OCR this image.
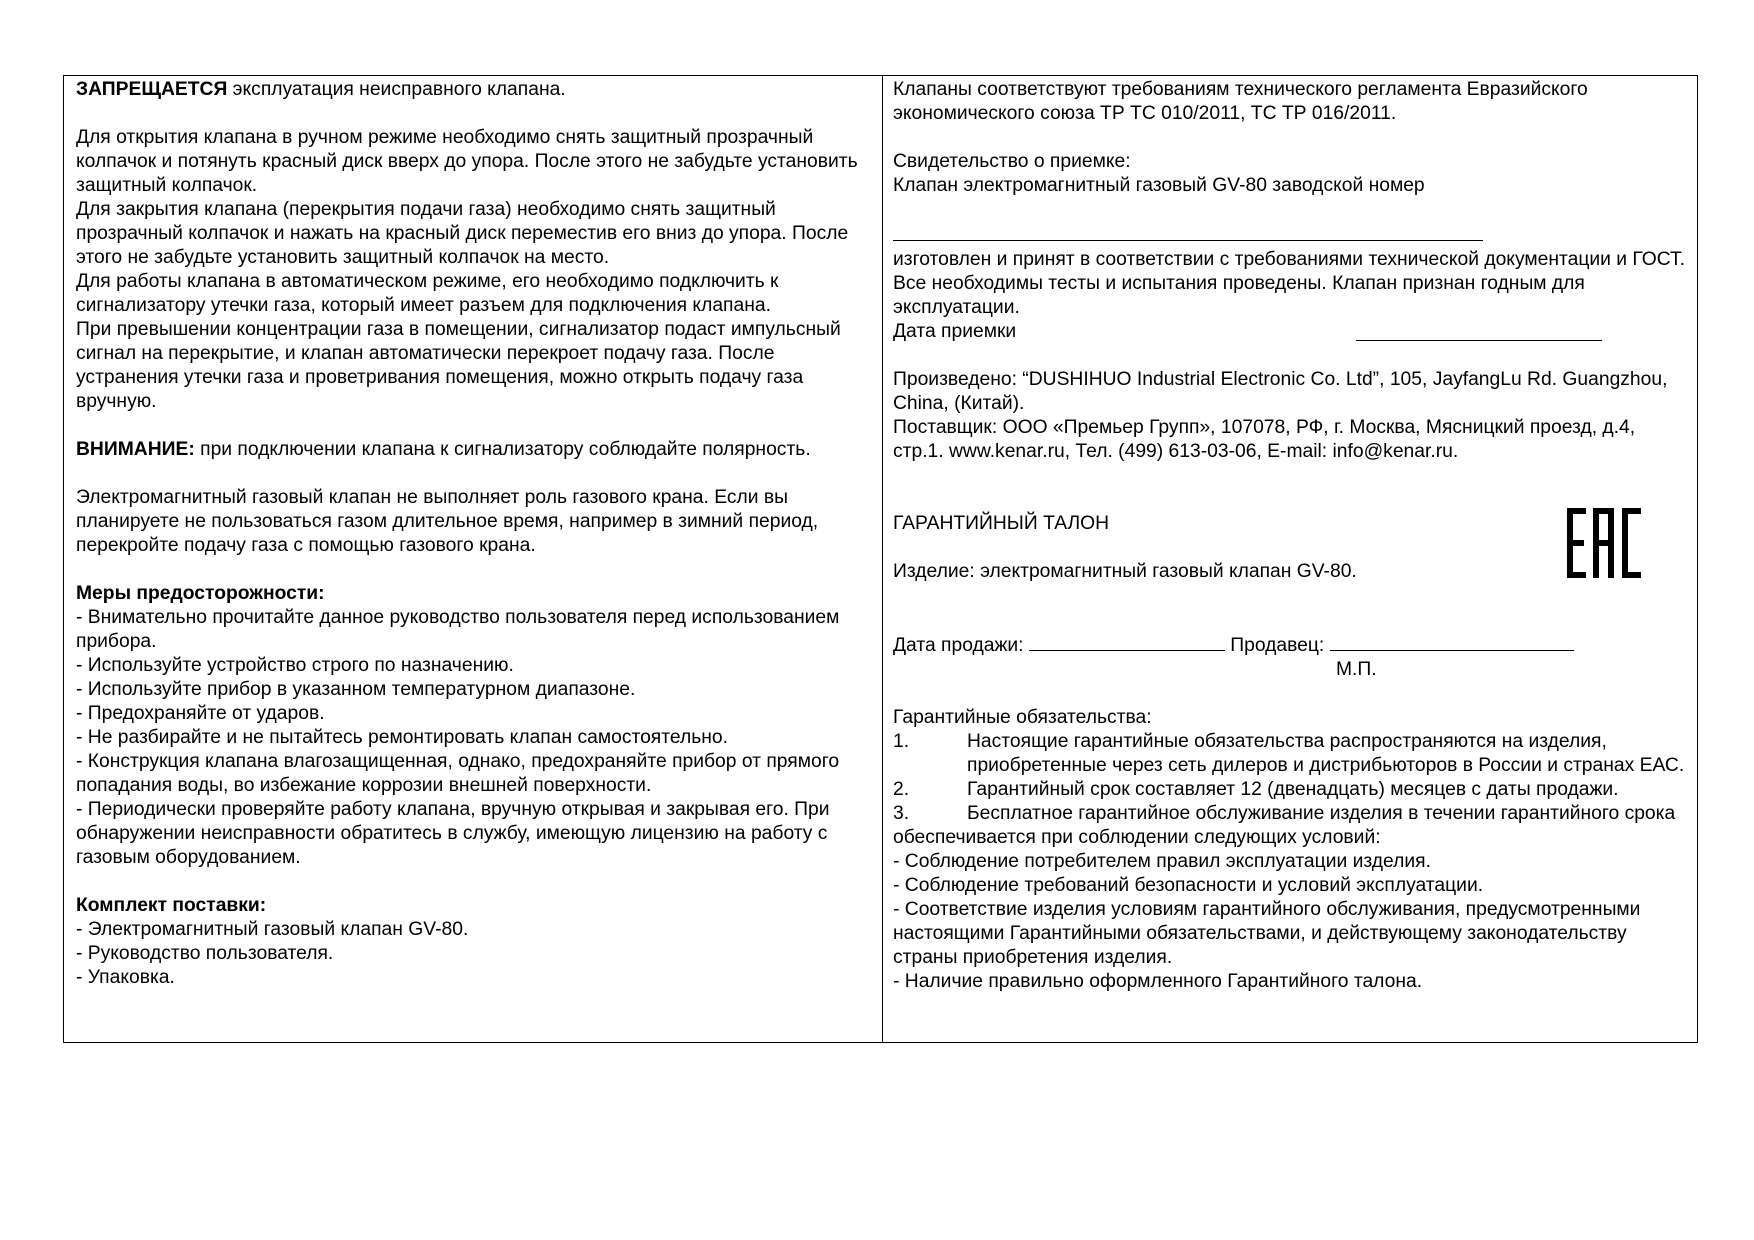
ЗАПРЕЩАЕТСЯ эксплуатация неисправного клапана.

Для открытия клапана в ручном режиме необходимо снять защитный прозрачный колпачок и потянуть красный диск вверх до упора. После этого не забудьте установить защитный колпачок.

Для закрытия клапана (перекрытия подачи газа) необходимо снять защитный прозрачный колпачок и нажать на красный диск переместив его вниз до упора. После этого не забудьте установить защитный колпачок на место.

Для работы клапана в автоматическом режиме, его необходимо подключить к сигнализатору утечки газа, который имеет разъем для подключения клапана.

При превышении концентрации газа в помещении, сигнализатор подаст импульсный сигнал на перекрытие, и клапан автоматически перекроет подачу газа. После устранения утечки газа и проветривания помещения, можно открыть подачу газа вручную.

ВНИМАНИЕ: при подключении клапана к сигнализатору соблюдайте полярность.

Электромагнитный газовый клапан не выполняет роль газового крана. Если вы планируете не пользоваться газом длительное время, например в зимний период, перекройте подачу газа с помощью газового крана.

Меры предосторожности:

- Внимательно прочитайте данное руководство пользователя перед использованием прибора.

- Используйте устройство строго по назначению.

- Используйте прибор в указанном температурном диапазоне.

- Предохраняйте от ударов.

- Не разбирайте и не пытайтесь ремонтировать клапан самостоятельно.

- Конструкция клапана влагозащищенная, однако, предохраняйте прибор от прямого попадания воды, во избежание коррозии внешней поверхности.

- Периодически проверяйте работу клапана, вручную открывая и закрывая его. При обнаружении неисправности обратитесь в службу, имеющую лицензию на работу с газовым оборудованием.

Комплект поставки:

- Электромагнитный газовый клапан GV-80.

- Руководство пользователя.

- Упаковка.

Клапаны соответствуют требованиям технического регламента Евразийского экономического союза ТР ТС 010/2011, ТС ТР 016/2011.

Свидетельство о приемке:

Клапан электромагнитный газовый GV-80 заводской номер

изготовлен и принят в соответствии с требованиями технической документации и ГОСТ.

Все необходимы тесты и испытания проведены. Клапан признан годным для эксплуатации.

Дата приемки

Произведено: “DUSHIHUO Industrial Electronic Co. Ltd”, 105, JayfangLu Rd. Guangzhou, China, (Китай).

Поставщик: ООО «Премьер Групп», 107078, РФ, г. Москва, Мясницкий проезд, д.4, стр.1. www.kenar.ru, Тел. (499) 613-03-06, E-mail: info@kenar.ru.

ГАРАНТИЙНЫЙ ТАЛОН

Изделие: электромагнитный газовый клапан GV-80.

Дата продажи:	Продавец:

М.П.

Гарантийные обязательства:

1.	Настоящие гарантийные обязательства распространяются на изделия, приобретенные через сеть дилеров и дистрибьюторов в России и странах ЕАС.
2.	Гарантийный срок составляет 12 (двенадцать) месяцев с даты продажи.
3.	Бесплатное гарантийное обслуживание изделия в течении гарантийного срока обеспечивается при соблюдении следующих условий:

- Соблюдение потребителем правил эксплуатации изделия.

- Соблюдение требований безопасности и условий эксплуатации.

- Соответствие изделия условиям гарантийного обслуживания, предусмотренными настоящими Гарантийными обязательствами, и действующему законодательству страны приобретения изделия.

- Наличие правильно оформленного Гарантийного талона.
